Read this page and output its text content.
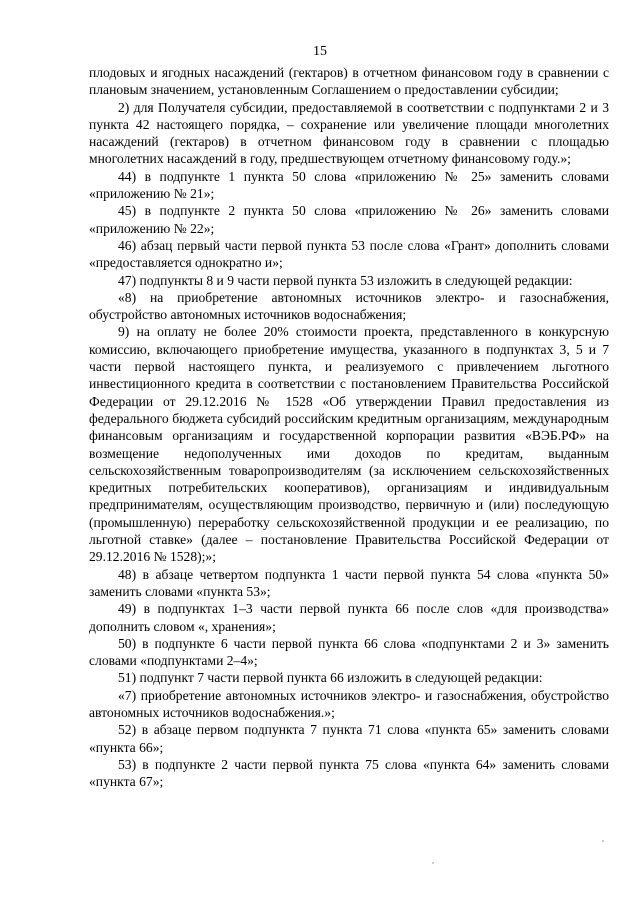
15

плодовых и ягодных насаждений (гектаров) в отчетном финансовом году в сравнении с плановым значением, установленным Соглашением о предоставлении субсидии;

2) для Получателя субсидии, предоставляемой в соответствии с подпунктами 2 и 3 пункта 42 настоящего порядка, – сохранение или увеличение площади многолетних насаждений (гектаров) в отчетном финансовом году в сравнении с площадью многолетних насаждений в году, предшествующем отчетному финансовому году.»;

44) в подпункте 1 пункта 50 слова «приложению № 25» заменить словами «приложению № 21»;

45) в подпункте 2 пункта 50 слова «приложению № 26» заменить словами «приложению № 22»;

46) абзац первый части первой пункта 53 после слова «Грант» дополнить словами «предоставляется однократно и»;

47) подпункты 8 и 9 части первой пункта 53 изложить в следующей редакции:

«8) на приобретение автономных источников электро- и газоснабжения, обустройство автономных источников водоснабжения;

9) на оплату не более 20% стоимости проекта, представленного в конкурсную комиссию, включающего приобретение имущества, указанного в подпунктах 3, 5 и 7 части первой настоящего пункта, и реализуемого с привлечением льготного инвестиционного кредита в соответствии с постановлением Правительства Российской Федерации от 29.12.2016 № 1528 «Об утверждении Правил предоставления из федерального бюджета субсидий российским кредитным организациям, международным финансовым организациям и государственной корпорации развития «ВЭБ.РФ» на возмещение недополученных ими доходов по кредитам, выданным сельскохозяйственным товаропроизводителям (за исключением сельскохозяйственных кредитных потребительских кооперативов), организациям и индивидуальным предпринимателям, осуществляющим производство, первичную и (или) последующую (промышленную) переработку сельскохозяйственной продукции и ее реализацию, по льготной ставке» (далее – постановление Правительства Российской Федерации от 29.12.2016 № 1528);»;

48) в абзаце четвертом подпункта 1 части первой пункта 54 слова «пункта 50» заменить словами «пункта 53»;

49) в подпунктах 1–3 части первой пункта 66 после слов «для производства» дополнить словом «, хранения»;

50) в подпункте 6 части первой пункта 66 слова «подпунктами 2 и 3» заменить словами «подпунктами 2–4»;

51) подпункт 7 части первой пункта 66 изложить в следующей редакции:

«7) приобретение автономных источников электро- и газоснабжения, обустройство автономных источников водоснабжения.»;

52) в абзаце первом подпункта 7 пункта 71 слова «пункта 65» заменить словами «пункта 66»;

53) в подпункте 2 части первой пункта 75 слова «пункта 64» заменить словами «пункта 67»;
